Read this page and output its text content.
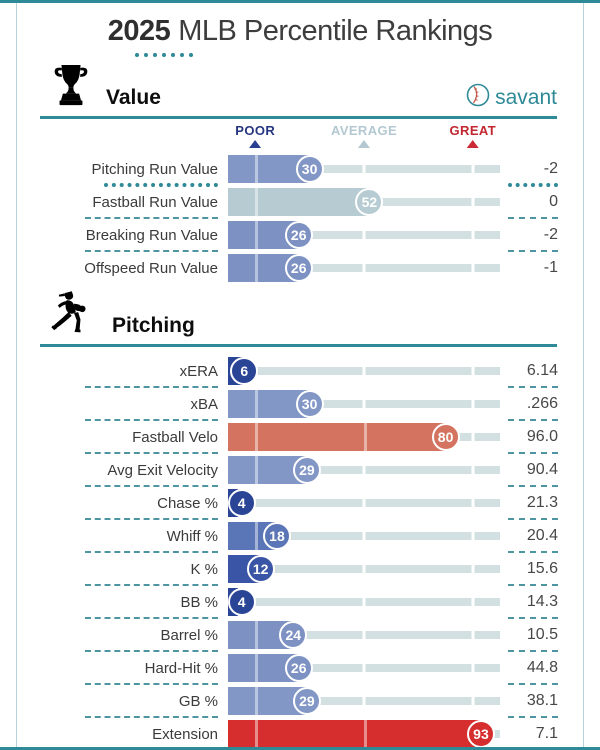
2025 MLB Percentile Rankings
Value	savant
POOR	AVERAGE	GREAT
Pitching Run Value	30	-2
Fastball Run Value	52	0
Breaking Run Value	26	-2
Offspeed Run Value	26	-1
Pitching
xERA	6	6.14
xBA	30	.266
Fastball Velo	80	96.0
Avg Exit Velocity	29	90.4
Chase %	4	21.3
Whiff %	18	20.4
K %	12	15.6
BB %	4	14.3
Barrel %	24	10.5
Hard-Hit %	26	44.8
GB %	29	38.1
Extension	93	7.1
